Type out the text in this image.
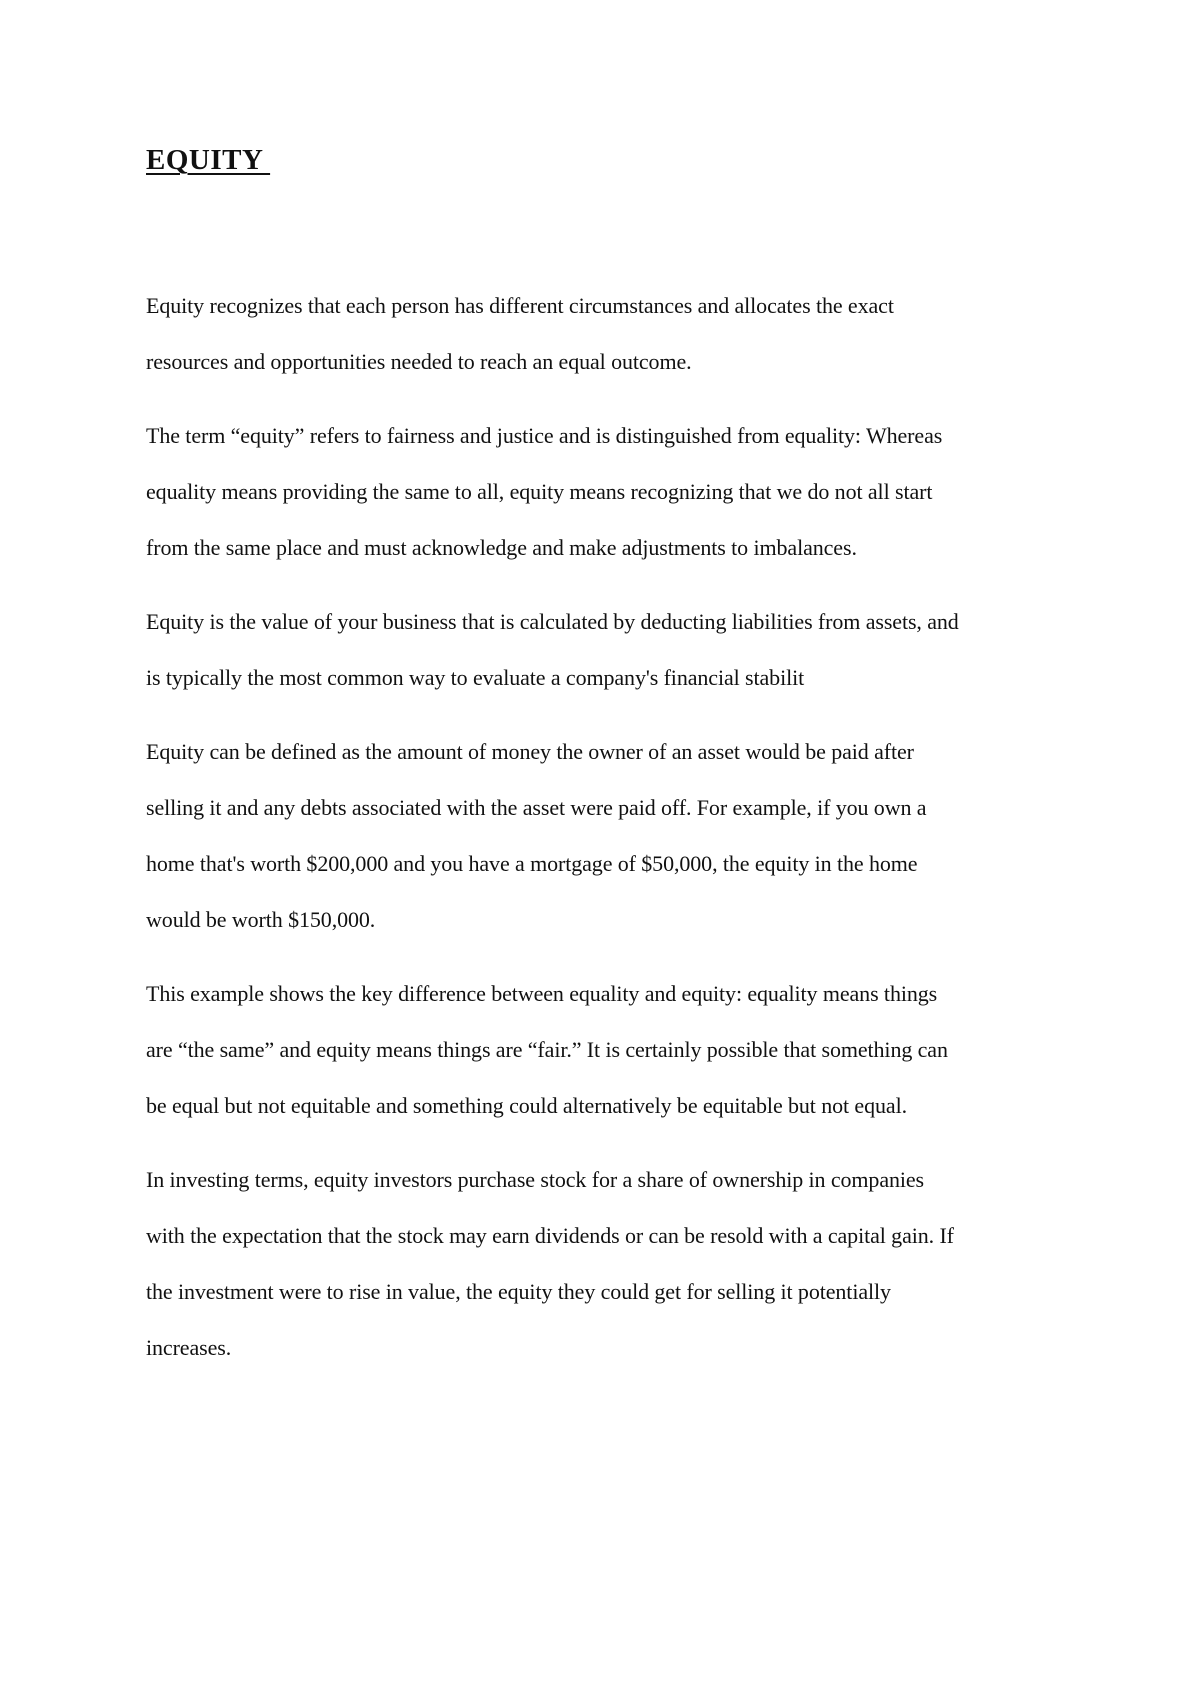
EQUITY

Equity recognizes that each person has different circumstances and allocates the exact
resources and opportunities needed to reach an equal outcome.

The term “equity” refers to fairness and justice and is distinguished from equality: Whereas
equality means providing the same to all, equity means recognizing that we do not all start
from the same place and must acknowledge and make adjustments to imbalances.

Equity is the value of your business that is calculated by deducting liabilities from assets, and
is typically the most common way to evaluate a company's financial stabilit

Equity can be defined as the amount of money the owner of an asset would be paid after
selling it and any debts associated with the asset were paid off. For example, if you own a
home that's worth $200,000 and you have a mortgage of $50,000, the equity in the home
would be worth $150,000.

This example shows the key difference between equality and equity: equality means things
are “the same” and equity means things are “fair.” It is certainly possible that something can
be equal but not equitable and something could alternatively be equitable but not equal.

In investing terms, equity investors purchase stock for a share of ownership in companies
with the expectation that the stock may earn dividends or can be resold with a capital gain. If
the investment were to rise in value, the equity they could get for selling it potentially
increases.
